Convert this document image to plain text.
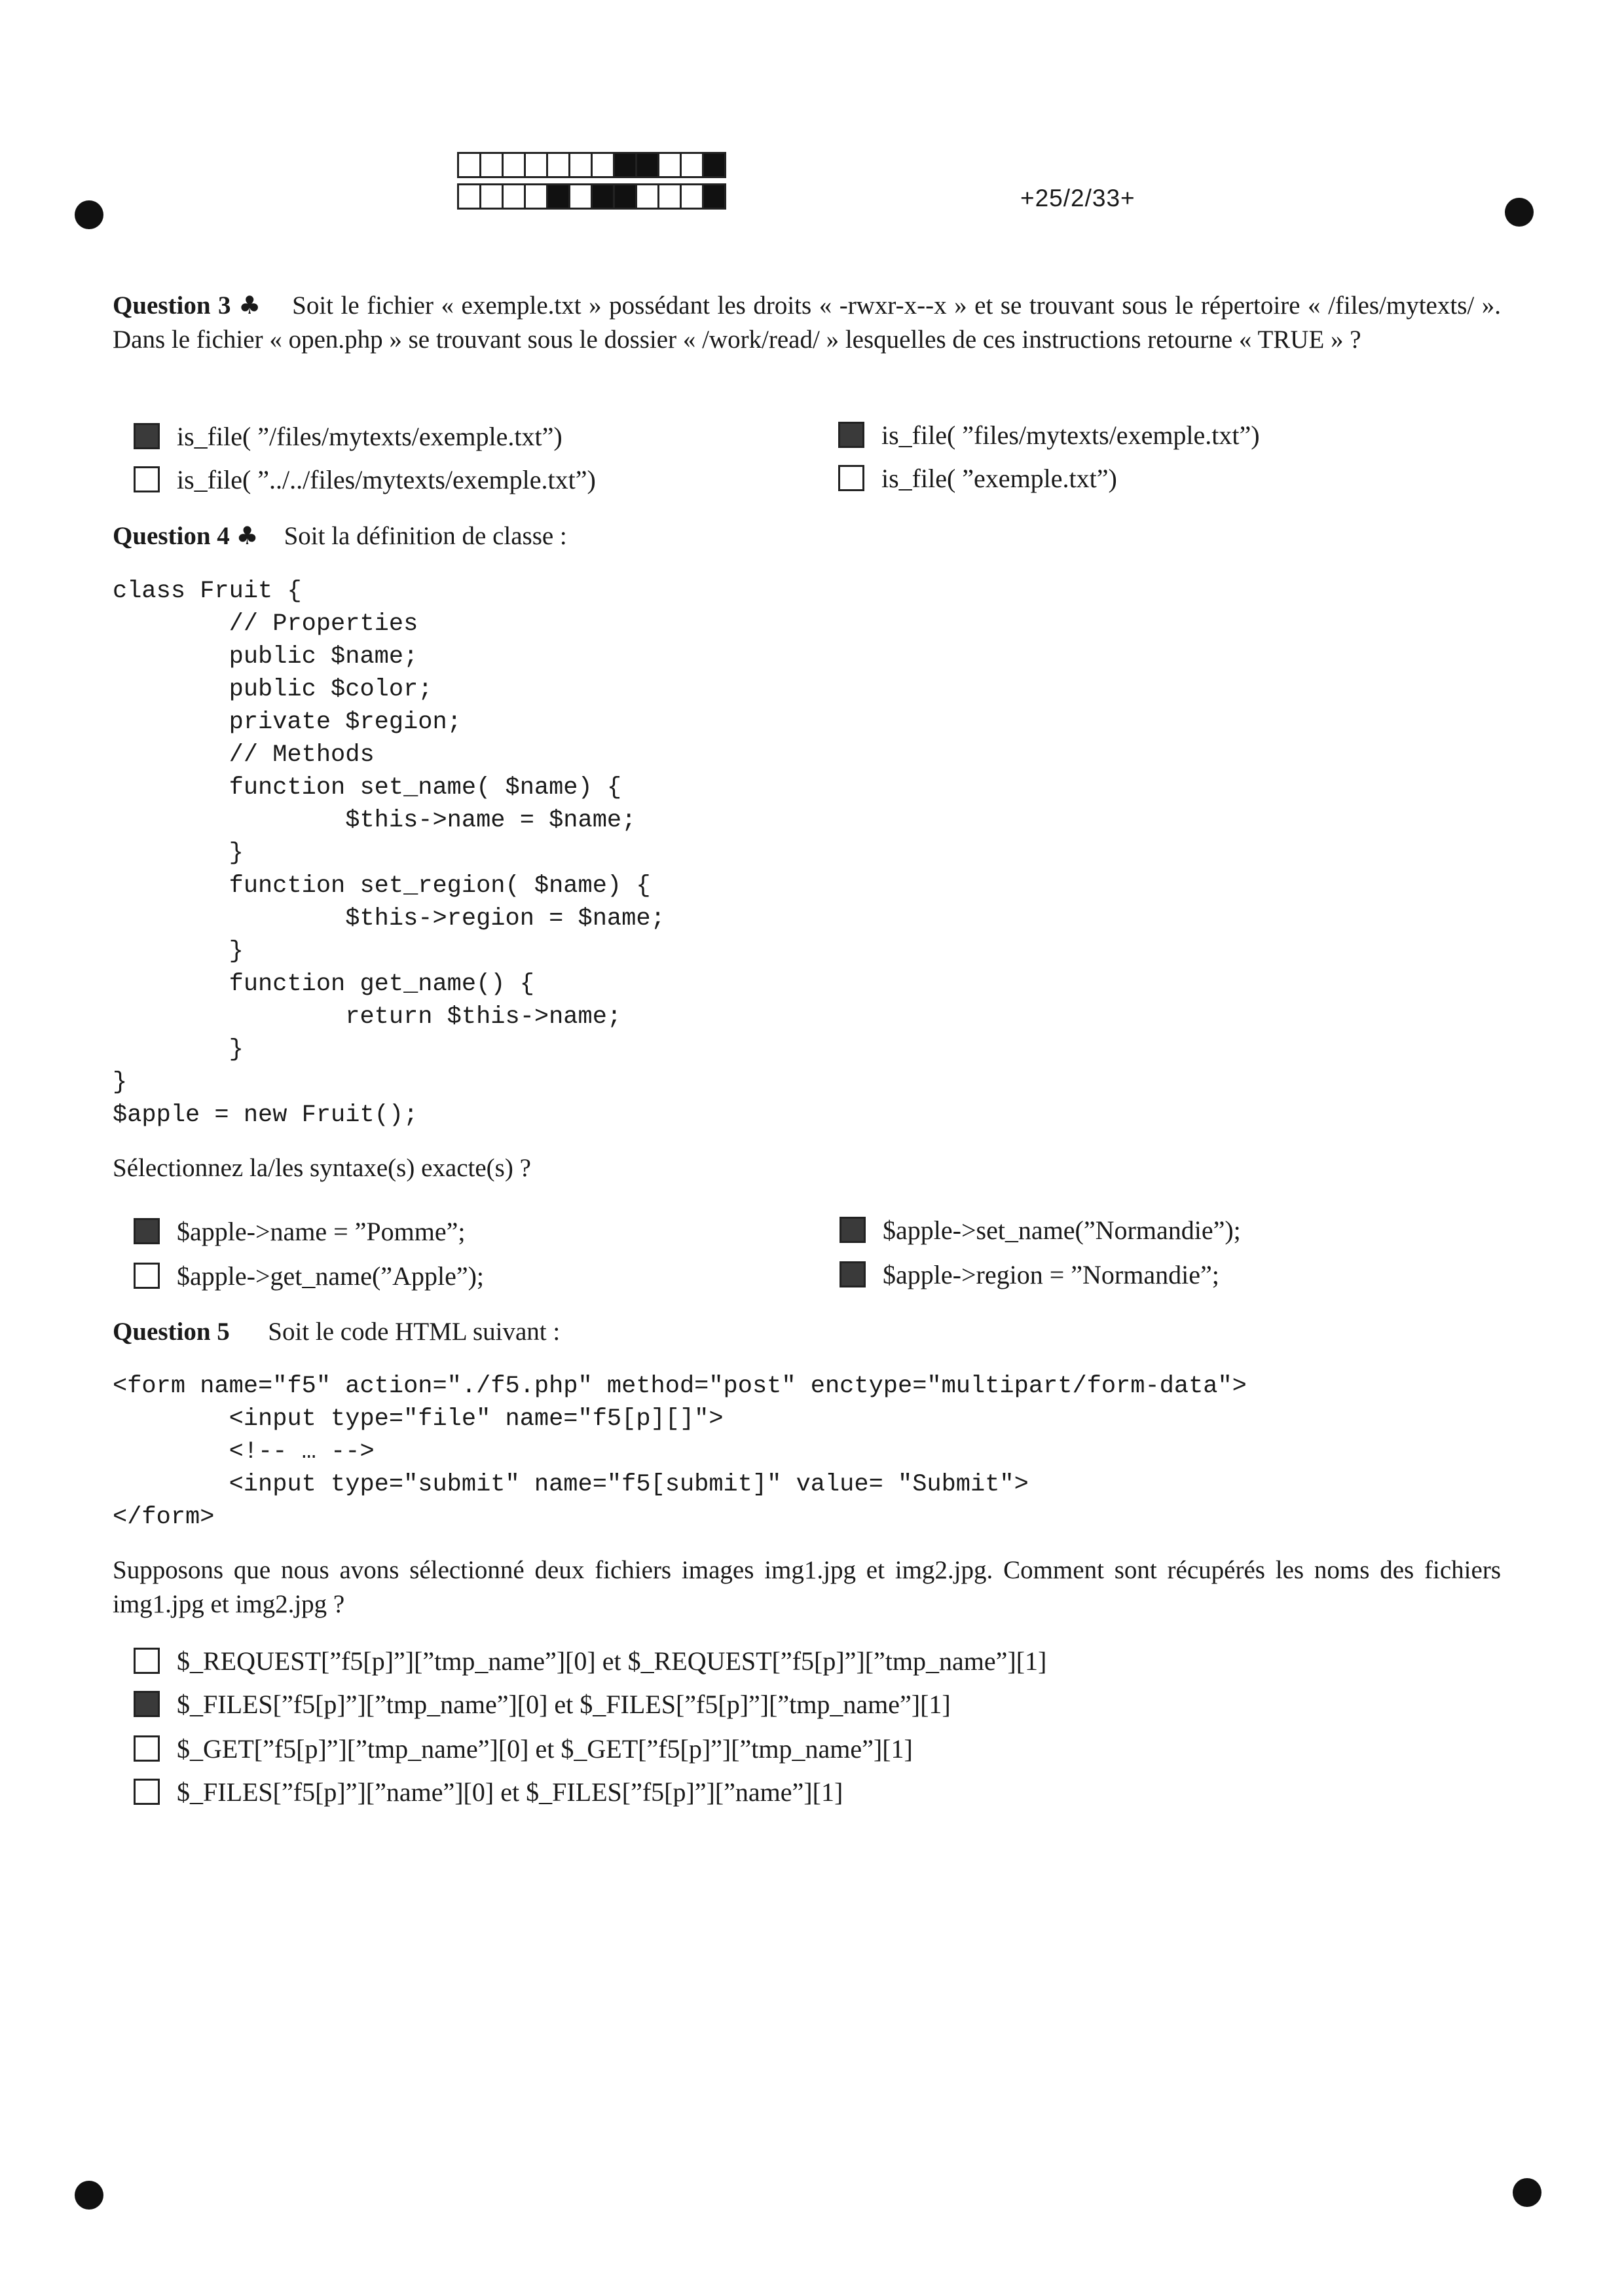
+25/2/33+
Question 3 ♣ Soit le fichier « exemple.txt » possédant les droits « -rwxr-x--x » et se trouvant sous le répertoire « /files/mytexts/ ». Dans le fichier « open.php » se trouvant sous le dossier « /work/read/ » lesquelles de ces instructions retourne « TRUE » ?
is_file( ”/files/mytexts/exemple.txt”)	is_file( ”files/mytexts/exemple.txt”)
is_file( ”../../files/mytexts/exemple.txt”)	is_file( ”exemple.txt”)
Question 4 ♣ Soit la définition de classe :
class Fruit {
// Properties
public $name;
public $color;
private $region;
// Methods
function set_name( $name) {
$this->name = $name;
}
function set_region( $name) {
$this->region = $name;
}
function get_name() {
return $this->name;
}
}
$apple = new Fruit();
Sélectionnez la/les syntaxe(s) exacte(s) ?
$apple->name = ”Pomme”;	$apple->set_name(”Normandie”);
$apple->get_name(”Apple”);	$apple->region = ”Normandie”;
Question 5 Soit le code HTML suivant :
<form name="f5" action="./f5.php" method="post" enctype="multipart/form-data">
<input type="file" name="f5[p][]">
<!-- … -->
<input type="submit" name="f5[submit]" value= "Submit">
</form>
Supposons que nous avons sélectionné deux fichiers images img1.jpg et img2.jpg. Comment sont récupérés les noms des fichiers img1.jpg et img2.jpg ?
$_REQUEST[”f5[p]”][”tmp_name”][0] et $_REQUEST[”f5[p]”][”tmp_name”][1]
$_FILES[”f5[p]”][”tmp_name”][0] et $_FILES[”f5[p]”][”tmp_name”][1]
$_GET[”f5[p]”][”tmp_name”][0] et $_GET[”f5[p]”][”tmp_name”][1]
$_FILES[”f5[p]”][”name”][0] et $_FILES[”f5[p]”][”name”][1]
